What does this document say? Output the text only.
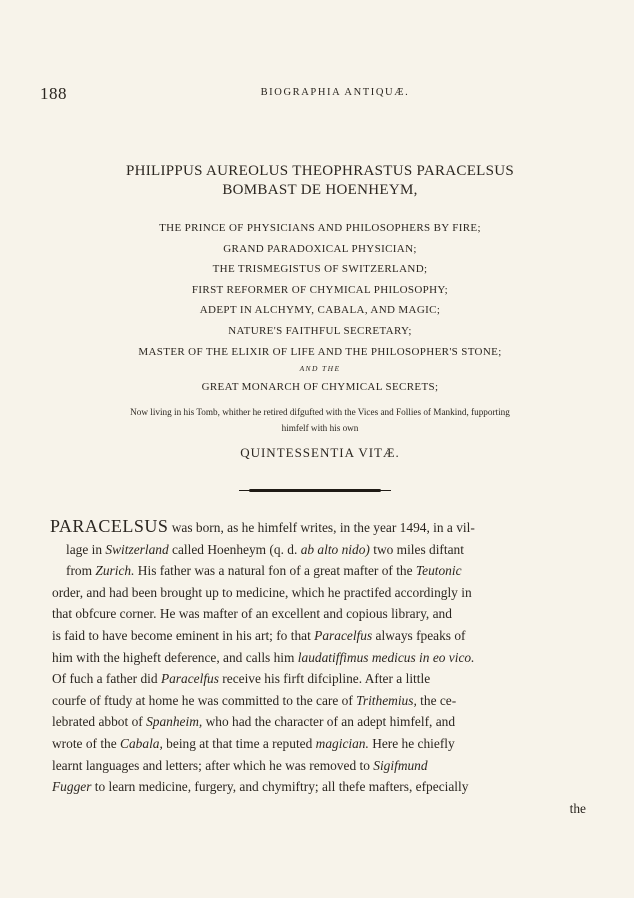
188	BIOGRAPHIA ANTIQUÆ.
PHILIPPUS AUREOLUS THEOPHRASTUS PARACELSUS
BOMBAST DE HOENHEYM,
THE PRINCE OF PHYSICIANS AND PHILOSOPHERS BY FIRE;
GRAND PARADOXICAL PHYSICIAN;
THE TRISMEGISTUS OF SWITZERLAND;
FIRST REFORMER OF CHYMICAL PHILOSOPHY;
ADEPT IN ALCHYMY, CABALA, AND MAGIC;
NATURE'S FAITHFUL SECRETARY;
MASTER OF THE ELIXIR OF LIFE AND THE PHILOSOPHER'S STONE;
AND THE
GREAT MONARCH OF CHYMICAL SECRETS;
Now living in his Tomb, whither he retired difgufted with the Vices and Follies of Mankind, fupporting
himfelf with his own
QUINTESSENTIA VITÆ.
PARACELSUS was born, as he himfelf writes, in the year 1494, in a vil-
lage in Switzerland called Hoenheym (q. d. ab alto nido) two miles diftant
from Zurich. His father was a natural fon of a great mafter of the Teutonic
order, and had been brought up to medicine, which he practifed accordingly in
that obfcure corner. He was mafter of an excellent and copious library, and
is faid to have become eminent in his art; fo that Paracelfus always fpeaks of
him with the higheft deference, and calls him laudatiffimus medicus in eo vico.
Of fuch a father did Paracelfus receive his firft difcipline. After a little
courfe of ftudy at home he was committed to the care of Trithemius, the ce-
lebrated abbot of Spanheim, who had the character of an adept himfelf, and
wrote of the Cabala, being at that time a reputed magician. Here he chiefly
learnt languages and letters; after which he was removed to Sigifmund
Fugger to learn medicine, furgery, and chymiftry; all thefe mafters, efpecially
the
